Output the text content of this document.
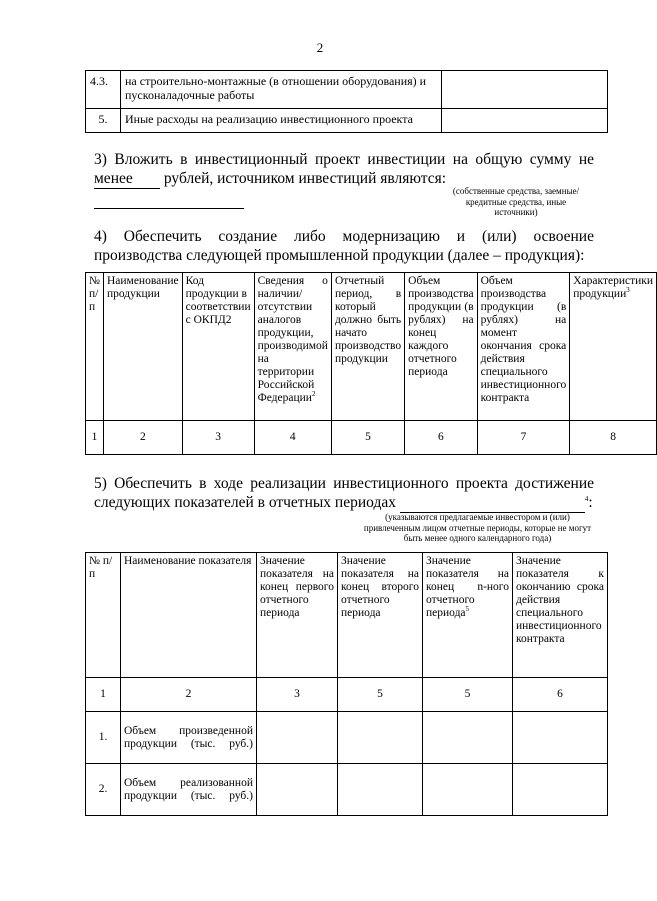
2
4.3.	на строительно-монтажные (в отношении оборудования) и пусконаладочные работы	
5.	Иные расходы на реализацию инвестиционного проекта	
3) Вложить в инвестиционный проект инвестиции на общую сумму не менее	рублей, источником инвестиций являются:
(собственные средства, заемные/кредитные средства, иные источники)
4) Обеспечить создание либо модернизацию и (или) освоение производства следующей промышленной продукции (далее – продукция):
№ п/п	Наименование продукции	Код продукции в соответствии с ОКПД2	Сведения о наличии/отсутствии аналогов продукции, производимой на территории Российской Федерации$^2$	Отчетный период, в который должно быть начато производство продукции	Объем производства продукции (в рублях) на конец каждого отчетного периода	Объем производства продукции (в рублях) на момент окончания срока действия специального инвестиционного контракта	Характеристики продукции$^3$
1	2	3	4	5	6	7	8
5) Обеспечить в ходе реализации инвестиционного проекта достижение следующих показателей в отчетных периодах	$^4$:
(указываются предлагаемые инвестором и (или) привлеченным лицом отчетные периоды, которые не могут быть менее одного календарного года)
№ п/п	Наименование показателя	Значение показателя на конец первого отчетного периода	Значение показателя на конец второго отчетного периода	Значение показателя на конец n-ного отчетного периода$^5$	Значение показателя к окончанию срока действия специального инвестиционного контракта
1	2	3	5	5	6
1.	Объем произведенной продукции (тыс. руб.)				
2.	Объем реализованной продукции (тыс. руб.)				
